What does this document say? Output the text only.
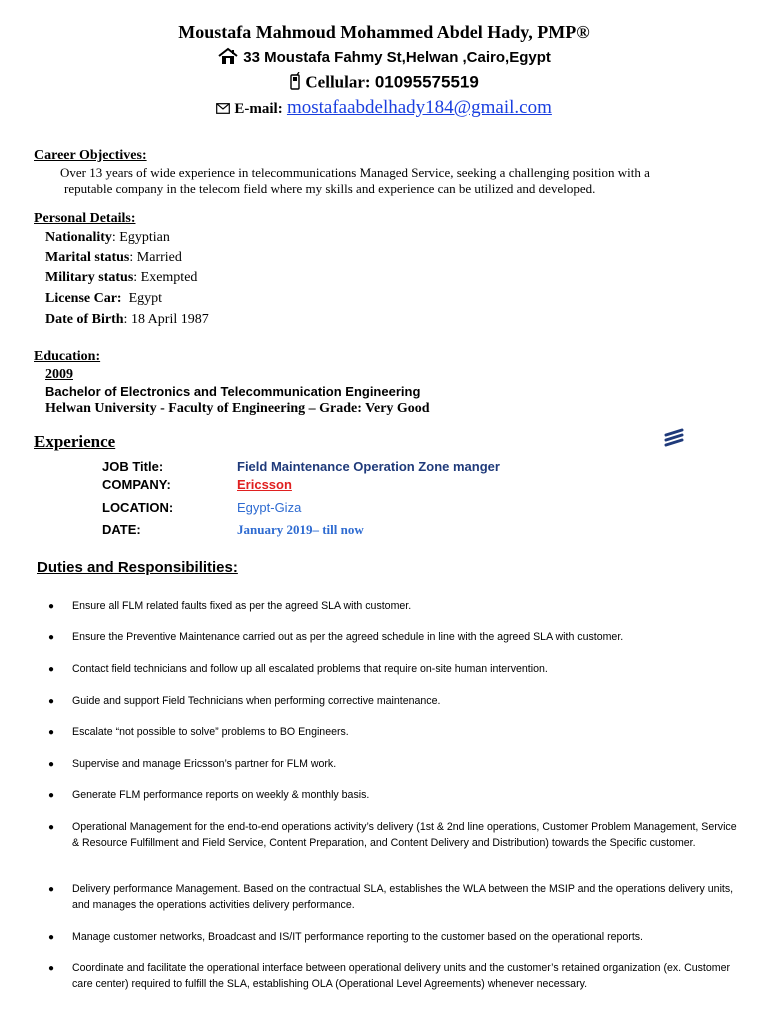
Moustafa Mahmoud Mohammed Abdel Hady, PMP®
33 Moustafa Fahmy St,Helwan ,Cairo,Egypt
Cellular: 01095575519
E-mail: mostafaabdelhady184@gmail.com
Career Objectives:
Over 13 years of wide experience in telecommunications Managed Service, seeking a challenging position with a
reputable company in the telecom field where my skills and experience can be utilized and developed.
Personal Details:
Nationality: Egyptian
Marital status: Married
Military status: Exempted
License Car: Egypt
Date of Birth: 18 April 1987
Education:
2009
Bachelor of Electronics and Telecommunication Engineering
Helwan University - Faculty of Engineering – Grade: Very Good
Experience
JOB Title:	Field Maintenance Operation Zone manger
COMPANY:	Ericsson
LOCATION:	Egypt-Giza
DATE:	January 2019– till now
Duties and Responsibilities:
● Ensure all FLM related faults fixed as per the agreed SLA with customer.
● Ensure the Preventive Maintenance carried out as per the agreed schedule in line with the agreed SLA with customer.
● Contact field technicians and follow up all escalated problems that require on-site human intervention.
● Guide and support Field Technicians when performing corrective maintenance.
● Escalate “not possible to solve” problems to BO Engineers.
● Supervise and manage Ericsson’s partner for FLM work.
● Generate FLM performance reports on weekly & monthly basis.
● Operational Management for the end-to-end operations activity’s delivery (1st & 2nd line operations, Customer Problem Management, Service & Resource Fulfillment and Field Service, Content Preparation, and Content Delivery and Distribution) towards the Specific customer.
● Delivery performance Management. Based on the contractual SLA, establishes the WLA between the MSIP and the operations delivery units, and manages the operations activities delivery performance.
● Manage customer networks, Broadcast and IS/IT performance reporting to the customer based on the operational reports.
● Coordinate and facilitate the operational interface between operational delivery units and the customer’s retained organization (ex. Customer care center) required to fulfill the SLA, establishing OLA (Operational Level Agreements) whenever necessary.
